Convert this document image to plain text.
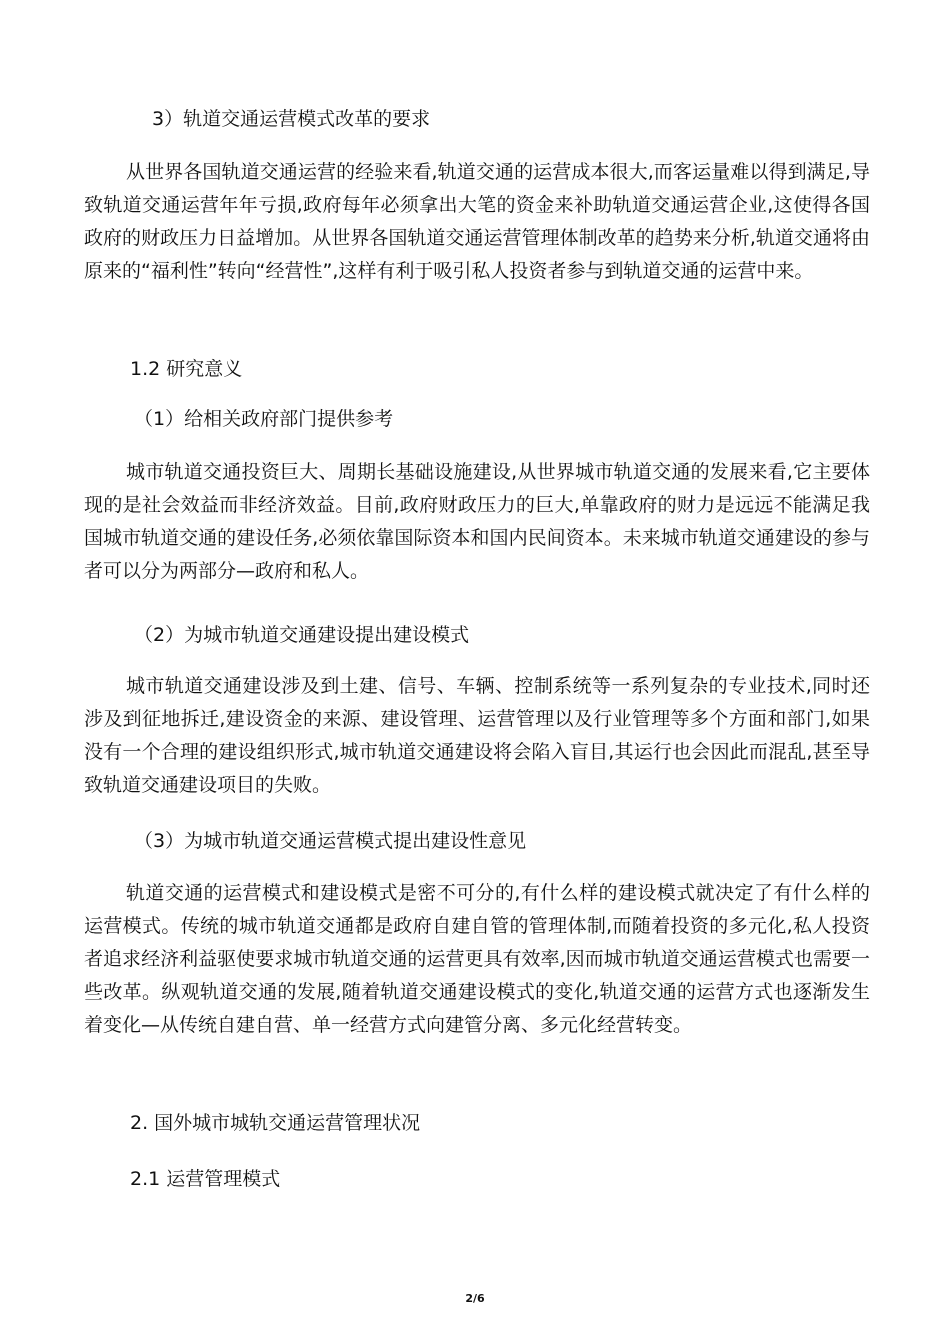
3）轨道交通运营模式改革的要求
从世界各国轨道交通运营的经验来看,轨道交通的运营成本很大,而客运量难以得到满足,导致轨道交通运营年年亏损,政府每年必须拿出大笔的资金来补助轨道交通运营企业,这使得各国政府的财政压力日益增加。从世界各国轨道交通运营管理体制改革的趋势来分析,轨道交通将由原来的“福利性”转向“经营性”,这样有利于吸引私人投资者参与到轨道交通的运营中来。
1.2 研究意义
（1）给相关政府部门提供参考
城市轨道交通投资巨大、周期长基础设施建设,从世界城市轨道交通的发展来看,它主要体现的是社会效益而非经济效益。目前,政府财政压力的巨大,单靠政府的财力是远远不能满足我国城市轨道交通的建设任务,必须依靠国际资本和国内民间资本。未来城市轨道交通建设的参与者可以分为两部分—政府和私人。
（2）为城市轨道交通建设提出建设模式
城市轨道交通建设涉及到土建、信号、车辆、控制系统等一系列复杂的专业技术,同时还涉及到征地拆迁,建设资金的来源、建设管理、运营管理以及行业管理等多个方面和部门,如果没有一个合理的建设组织形式,城市轨道交通建设将会陷入盲目,其运行也会因此而混乱,甚至导致轨道交通建设项目的失败。
（3）为城市轨道交通运营模式提出建设性意见
轨道交通的运营模式和建设模式是密不可分的,有什么样的建设模式就决定了有什么样的运营模式。传统的城市轨道交通都是政府自建自管的管理体制,而随着投资的多元化,私人投资者追求经济利益驱使要求城市轨道交通的运营更具有效率,因而城市轨道交通运营模式也需要一些改革。纵观轨道交通的发展,随着轨道交通建设模式的变化,轨道交通的运营方式也逐渐发生着变化—从传统自建自营、单一经营方式向建管分离、多元化经营转变。
2. 国外城市城轨交通运营管理状况
2.1 运营管理模式
2/6
